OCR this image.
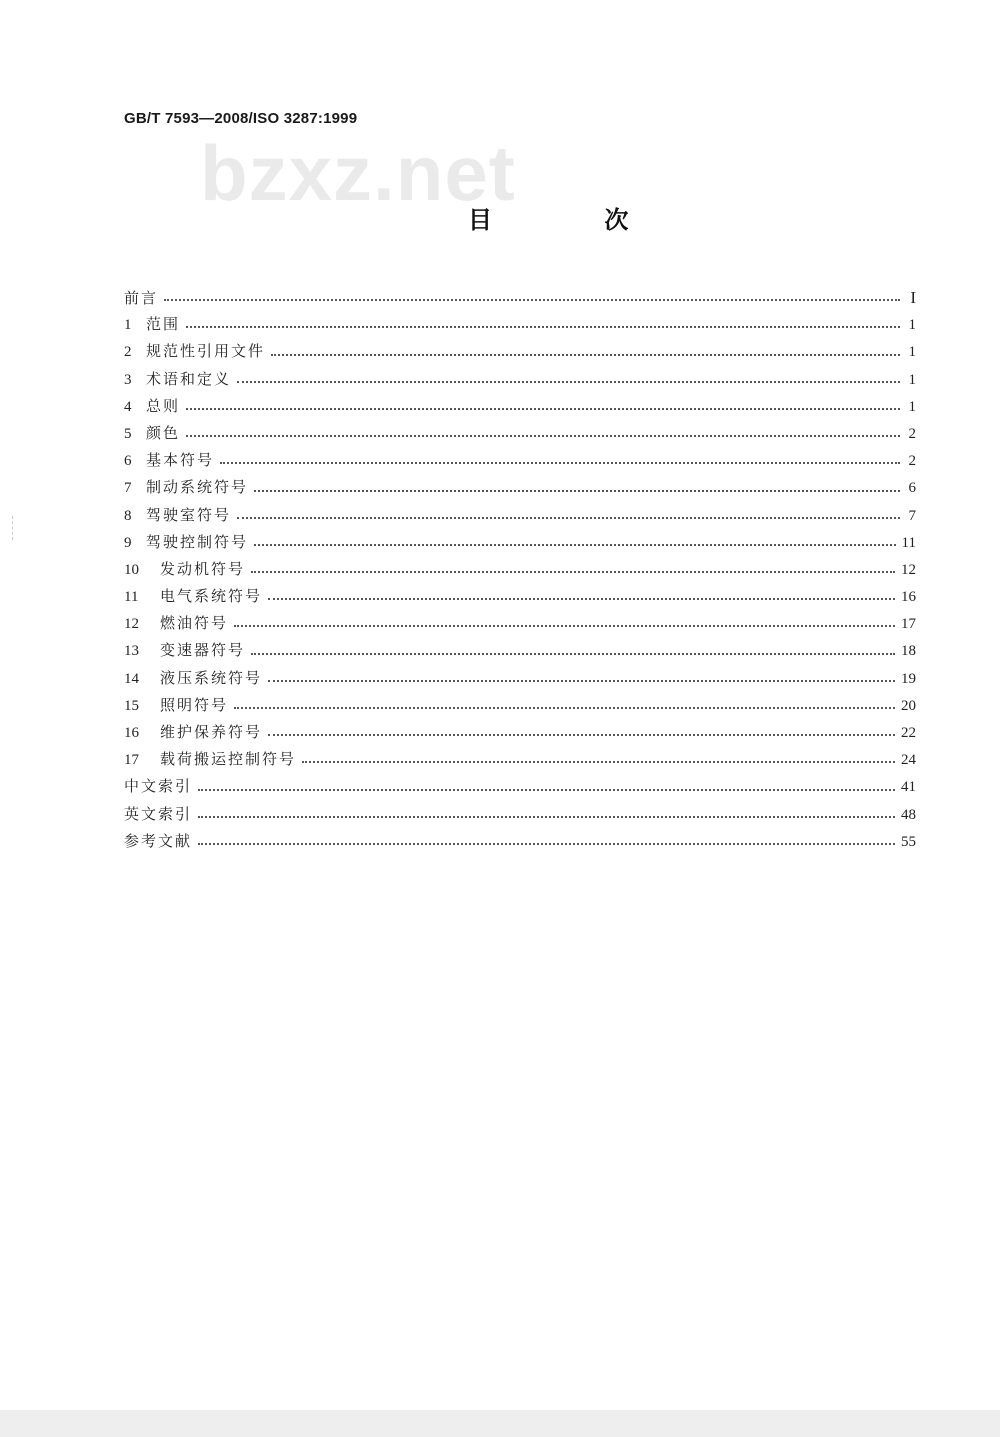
GB/T 7593—2008/ISO 3287:1999
bzxz.net
目 次
前言	I
1 范围	1
2 规范性引用文件	1
3 术语和定义	1
4 总则	1
5 颜色	2
6 基本符号	2
7 制动系统符号	6
8 驾驶室符号	7
9 驾驶控制符号	11
10	发动机符号	12
11	电气系统符号	16
12	燃油符号	17
13	变速器符号	18
14	液压系统符号	19
15	照明符号	20
16	维护保养符号	22
17	载荷搬运控制符号	24
中文索引	41
英文索引	48
参考文献	55
